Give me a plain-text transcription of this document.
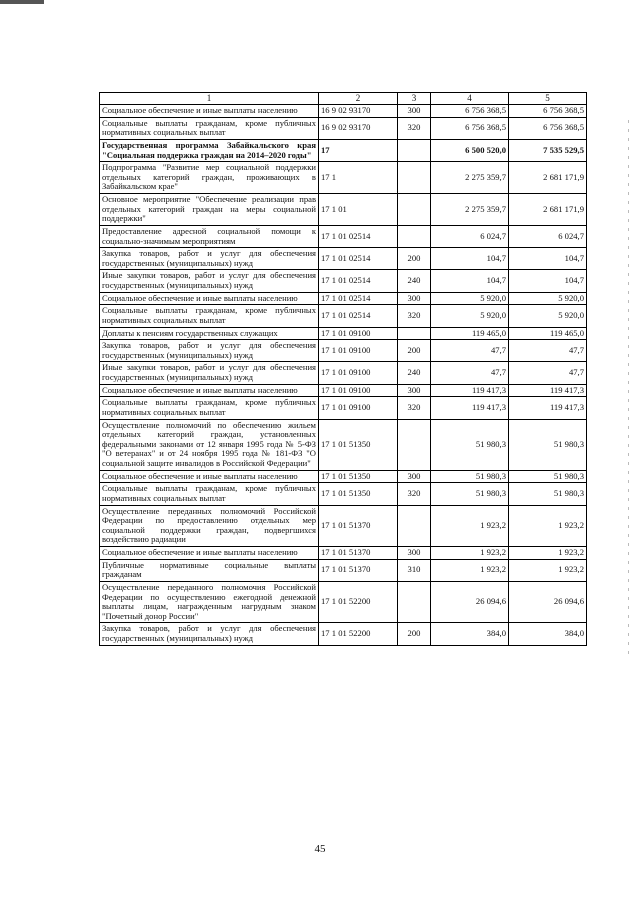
1	2	3	4	5
Социальное обеспечение и иные выплаты населению	16 9 02 93170	300	6 756 368,5	6 756 368,5
Социальные выплаты гражданам, кроме публичных нормативных социальных выплат	16 9 02 93170	320	6 756 368,5	6 756 368,5
Государственная программа Забайкальского края "Социальная поддержка граждан на 2014–2020 годы"	17		6 500 520,0	7 535 529,5
Подпрограмма "Развитие мер социальной поддержки отдельных категорий граждан, проживающих в Забайкальском крае"	17 1		2 275 359,7	2 681 171,9
Основное мероприятие "Обеспечение реализации прав отдельных категорий граждан на меры социальной поддержки"	17 1 01		2 275 359,7	2 681 171,9
Предоставление адресной социальной помощи к социально-значимым мероприятиям	17 1 01 02514		6 024,7	6 024,7
Закупка товаров, работ и услуг для обеспечения государственных (муниципальных) нужд	17 1 01 02514	200	104,7	104,7
Иные закупки товаров, работ и услуг для обеспечения государственных (муниципальных) нужд	17 1 01 02514	240	104,7	104,7
Социальное обеспечение и иные выплаты населению	17 1 01 02514	300	5 920,0	5 920,0
Социальные выплаты гражданам, кроме публичных нормативных социальных выплат	17 1 01 02514	320	5 920,0	5 920,0
Доплаты к пенсиям государственных служащих	17 1 01 09100		119 465,0	119 465,0
Закупка товаров, работ и услуг для обеспечения государственных (муниципальных) нужд	17 1 01 09100	200	47,7	47,7
Иные закупки товаров, работ и услуг для обеспечения государственных (муниципальных) нужд	17 1 01 09100	240	47,7	47,7
Социальное обеспечение и иные выплаты населению	17 1 01 09100	300	119 417,3	119 417,3
Социальные выплаты гражданам, кроме публичных нормативных социальных выплат	17 1 01 09100	320	119 417,3	119 417,3
Осуществление полномочий по обеспечению жильем отдельных категорий граждан, установленных федеральными законами от 12 января 1995 года № 5-ФЗ "О ветеранах" и от 24 ноября 1995 года № 181-ФЗ "О социальной защите инвалидов в Российской Федерации"	17 1 01 51350		51 980,3	51 980,3
Социальное обеспечение и иные выплаты населению	17 1 01 51350	300	51 980,3	51 980,3
Социальные выплаты гражданам, кроме публичных нормативных социальных выплат	17 1 01 51350	320	51 980,3	51 980,3
Осуществление переданных полномочий Российской Федерации по предоставлению отдельных мер социальной поддержки граждан, подвергшихся воздействию радиации	17 1 01 51370		1 923,2	1 923,2
Социальное обеспечение и иные выплаты населению	17 1 01 51370	300	1 923,2	1 923,2
Публичные нормативные социальные выплаты гражданам	17 1 01 51370	310	1 923,2	1 923,2
Осуществление переданного полномочия Российской Федерации по осуществлению ежегодной денежной выплаты лицам, награжденным нагрудным знаком "Почетный донор России"	17 1 01 52200		26 094,6	26 094,6
Закупка товаров, работ и услуг для обеспечения государственных (муниципальных) нужд	17 1 01 52200	200	384,0	384,0
45
